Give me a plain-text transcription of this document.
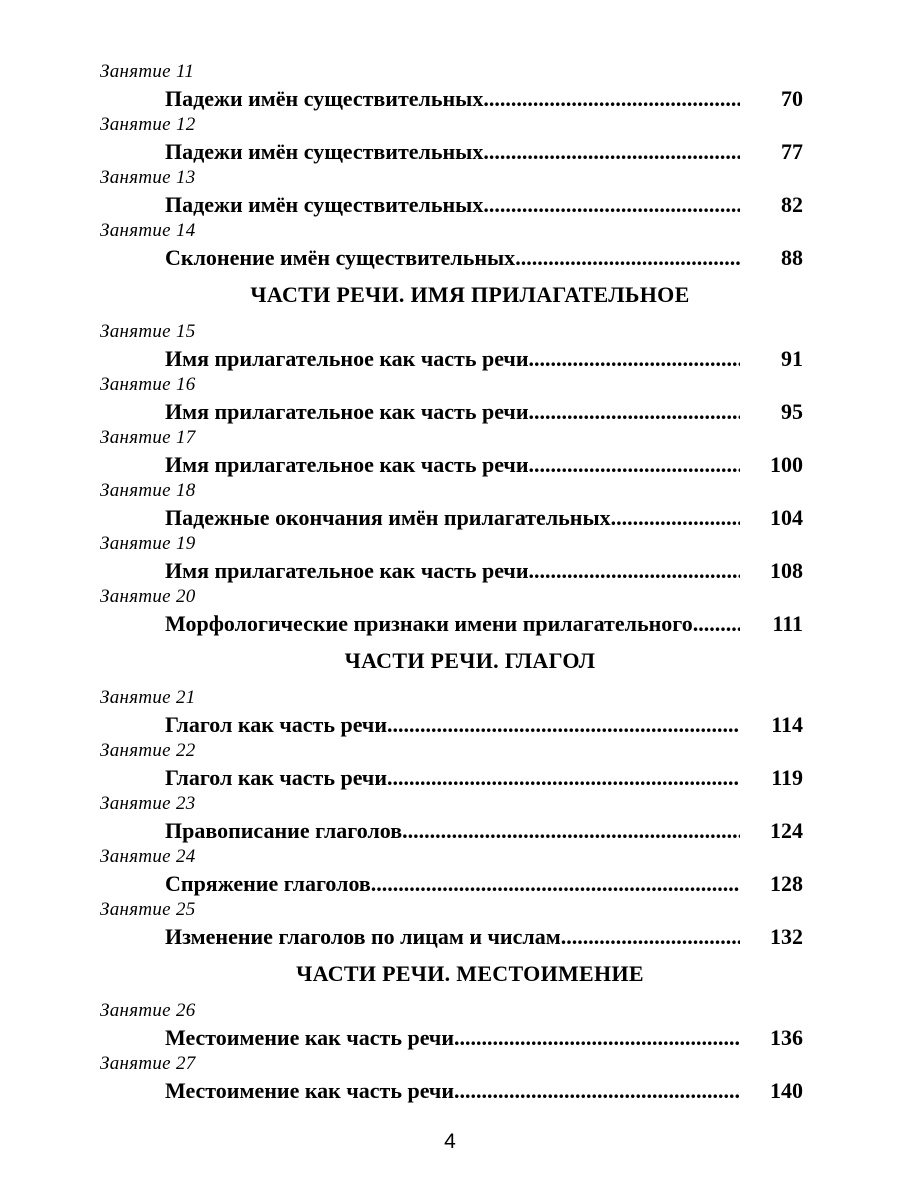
Занятие 11
Падежи имён существительных .....	70
Занятие 12
Падежи имён существительных .....	77
Занятие 13
Падежи имён существительных .....	82
Занятие 14
Склонение имён существительных .....	88
ЧАСТИ РЕЧИ. ИМЯ ПРИЛАГАТЕЛЬНОЕ
Занятие 15
Имя прилагательное как часть речи .....	91
Занятие 16
Имя прилагательное как часть речи .....	95
Занятие 17
Имя прилагательное как часть речи .....	100
Занятие 18
Падежные окончания имён прилагательных .....	104
Занятие 19
Имя прилагательное как часть речи .....	108
Занятие 20
Морфологические признаки имени прилагательного .....	111
ЧАСТИ РЕЧИ. ГЛАГОЛ
Занятие 21
Глагол как часть речи .....	114
Занятие 22
Глагол как часть речи .....	119
Занятие 23
Правописание глаголов .....	124
Занятие 24
Спряжение глаголов .....	128
Занятие 25
Изменение глаголов по лицам и числам .....	132
ЧАСТИ РЕЧИ. МЕСТОИМЕНИЕ
Занятие 26
Местоимение как часть речи .....	136
Занятие 27
Местоимение как часть речи .....	140
4
